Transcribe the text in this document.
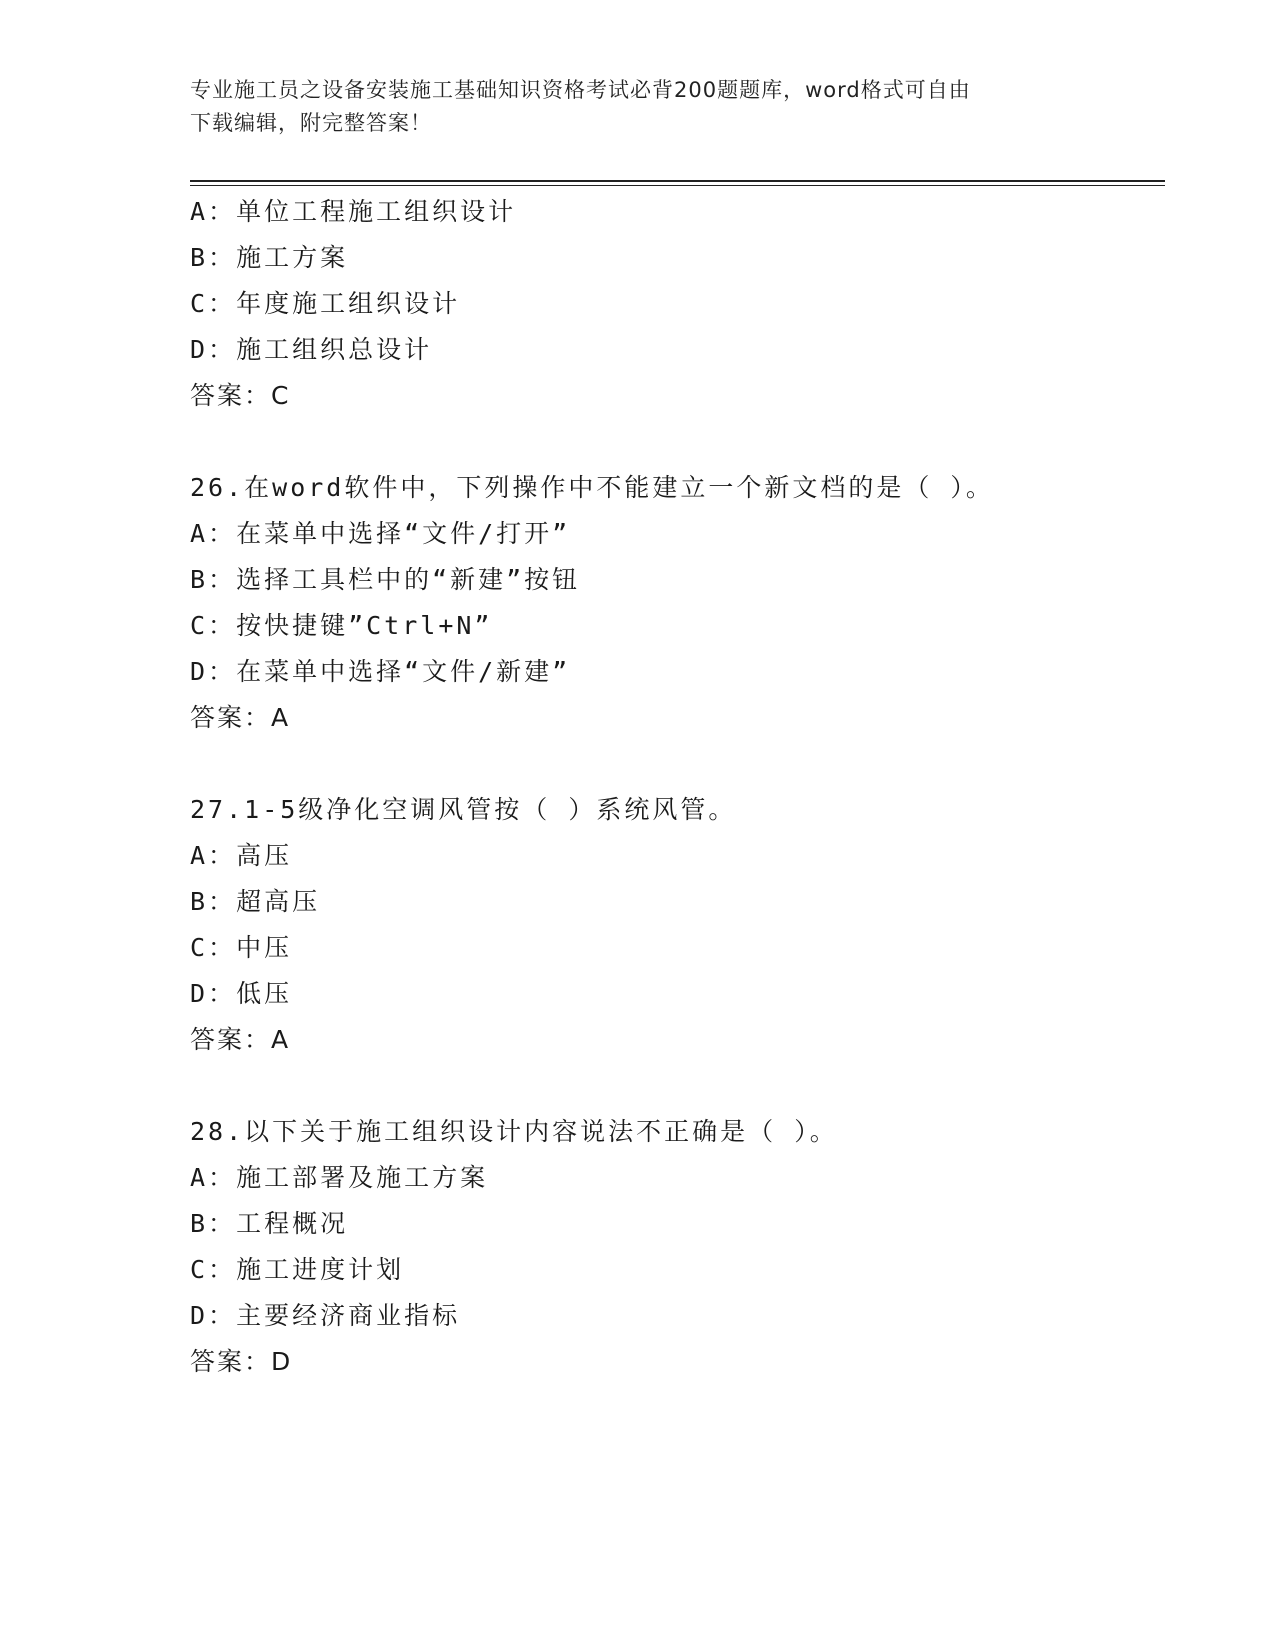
专业施工员之设备安装施工基础知识资格考试必背200题题库，word格式可自由
下载编辑，附完整答案！
A：单位工程施工组织设计
B：施工方案
C：年度施工组织设计
D：施工组织总设计
答案：C
26.在word软件中，下列操作中不能建立一个新文档的是（ ）。
A：在菜单中选择“文件/打开”
B：选择工具栏中的“新建”按钮
C：按快捷键”Ctrl+N”
D：在菜单中选择“文件/新建”
答案：A
27.1-5级净化空调风管按（ ）系统风管。
A：高压
B：超高压
C：中压
D：低压
答案：A
28.以下关于施工组织设计内容说法不正确是（ ）。
A：施工部署及施工方案
B：工程概况
C：施工进度计划
D：主要经济商业指标
答案：D
